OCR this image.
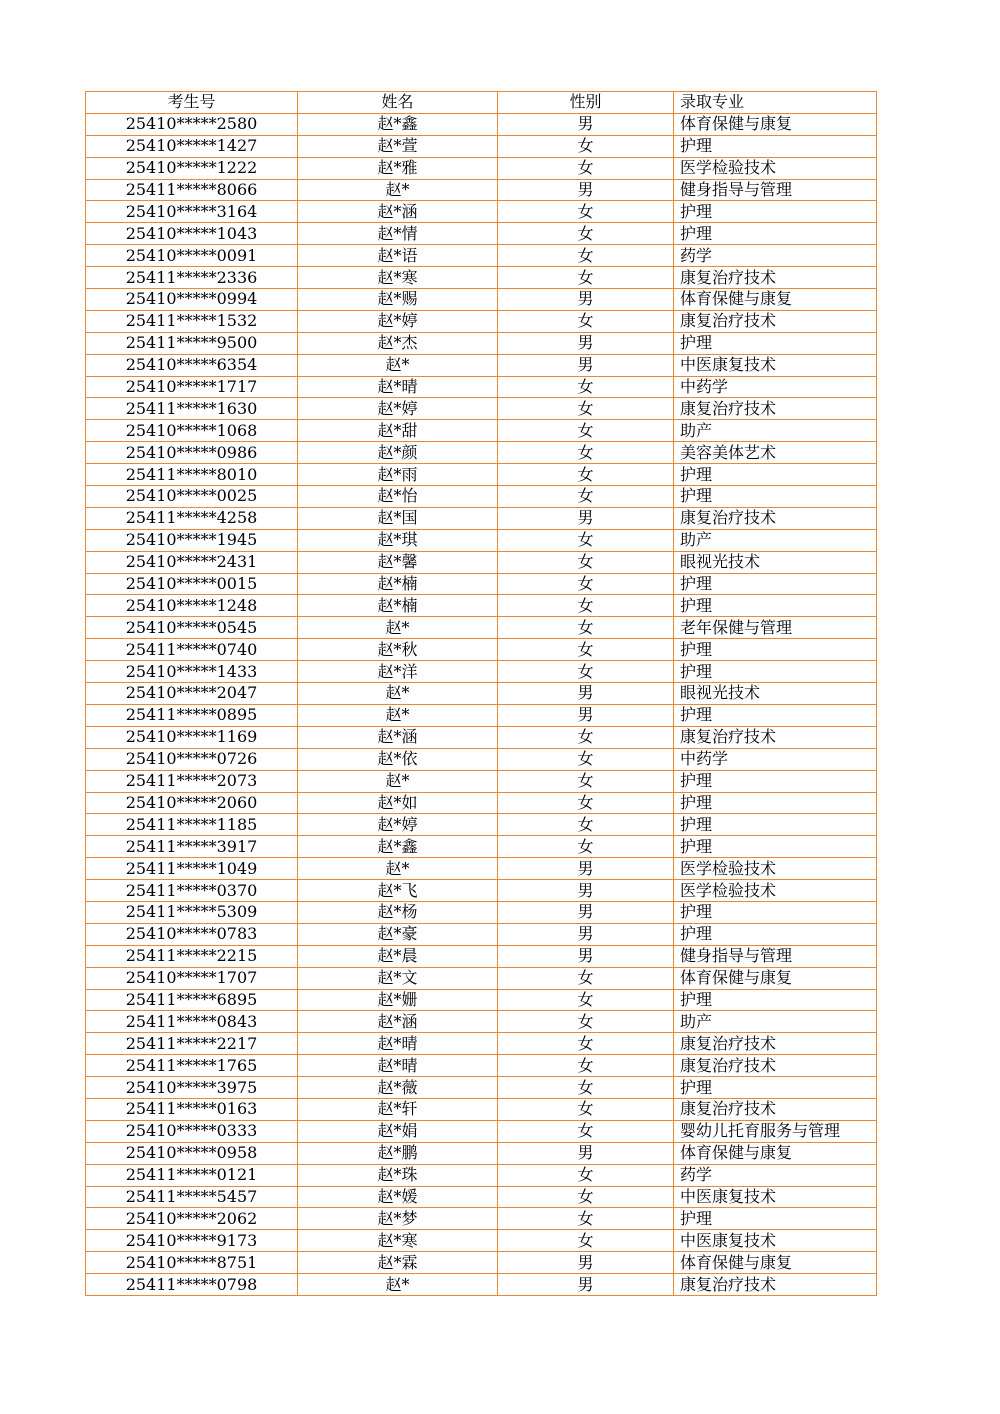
考生号	姓名	性别	录取专业
25410*****2580	赵*鑫	男	体育保健与康复
25410*****1427	赵*萱	女	护理
25410*****1222	赵*雅	女	医学检验技术
25411*****8066	赵*	男	健身指导与管理
25410*****3164	赵*涵	女	护理
25410*****1043	赵*情	女	护理
25410*****0091	赵*语	女	药学
25411*****2336	赵*寒	女	康复治疗技术
25410*****0994	赵*赐	男	体育保健与康复
25411*****1532	赵*婷	女	康复治疗技术
25411*****9500	赵*杰	男	护理
25410*****6354	赵*	男	中医康复技术
25410*****1717	赵*晴	女	中药学
25411*****1630	赵*婷	女	康复治疗技术
25410*****1068	赵*甜	女	助产
25410*****0986	赵*颜	女	美容美体艺术
25411*****8010	赵*雨	女	护理
25410*****0025	赵*怡	女	护理
25411*****4258	赵*国	男	康复治疗技术
25410*****1945	赵*琪	女	助产
25410*****2431	赵*馨	女	眼视光技术
25410*****0015	赵*楠	女	护理
25410*****1248	赵*楠	女	护理
25410*****0545	赵*	女	老年保健与管理
25411*****0740	赵*秋	女	护理
25410*****1433	赵*洋	女	护理
25410*****2047	赵*	男	眼视光技术
25411*****0895	赵*	男	护理
25410*****1169	赵*涵	女	康复治疗技术
25410*****0726	赵*依	女	中药学
25411*****2073	赵*	女	护理
25410*****2060	赵*如	女	护理
25411*****1185	赵*婷	女	护理
25411*****3917	赵*鑫	女	护理
25411*****1049	赵*	男	医学检验技术
25411*****0370	赵*飞	男	医学检验技术
25411*****5309	赵*杨	男	护理
25410*****0783	赵*豪	男	护理
25411*****2215	赵*晨	男	健身指导与管理
25410*****1707	赵*文	女	体育保健与康复
25411*****6895	赵*姗	女	护理
25411*****0843	赵*涵	女	助产
25411*****2217	赵*晴	女	康复治疗技术
25411*****1765	赵*晴	女	康复治疗技术
25410*****3975	赵*薇	女	护理
25411*****0163	赵*轩	女	康复治疗技术
25410*****0333	赵*娟	女	婴幼儿托育服务与管理
25410*****0958	赵*鹏	男	体育保健与康复
25411*****0121	赵*珠	女	药学
25411*****5457	赵*媛	女	中医康复技术
25410*****2062	赵*梦	女	护理
25410*****9173	赵*寒	女	中医康复技术
25410*****8751	赵*霖	男	体育保健与康复
25411*****0798	赵*	男	康复治疗技术
